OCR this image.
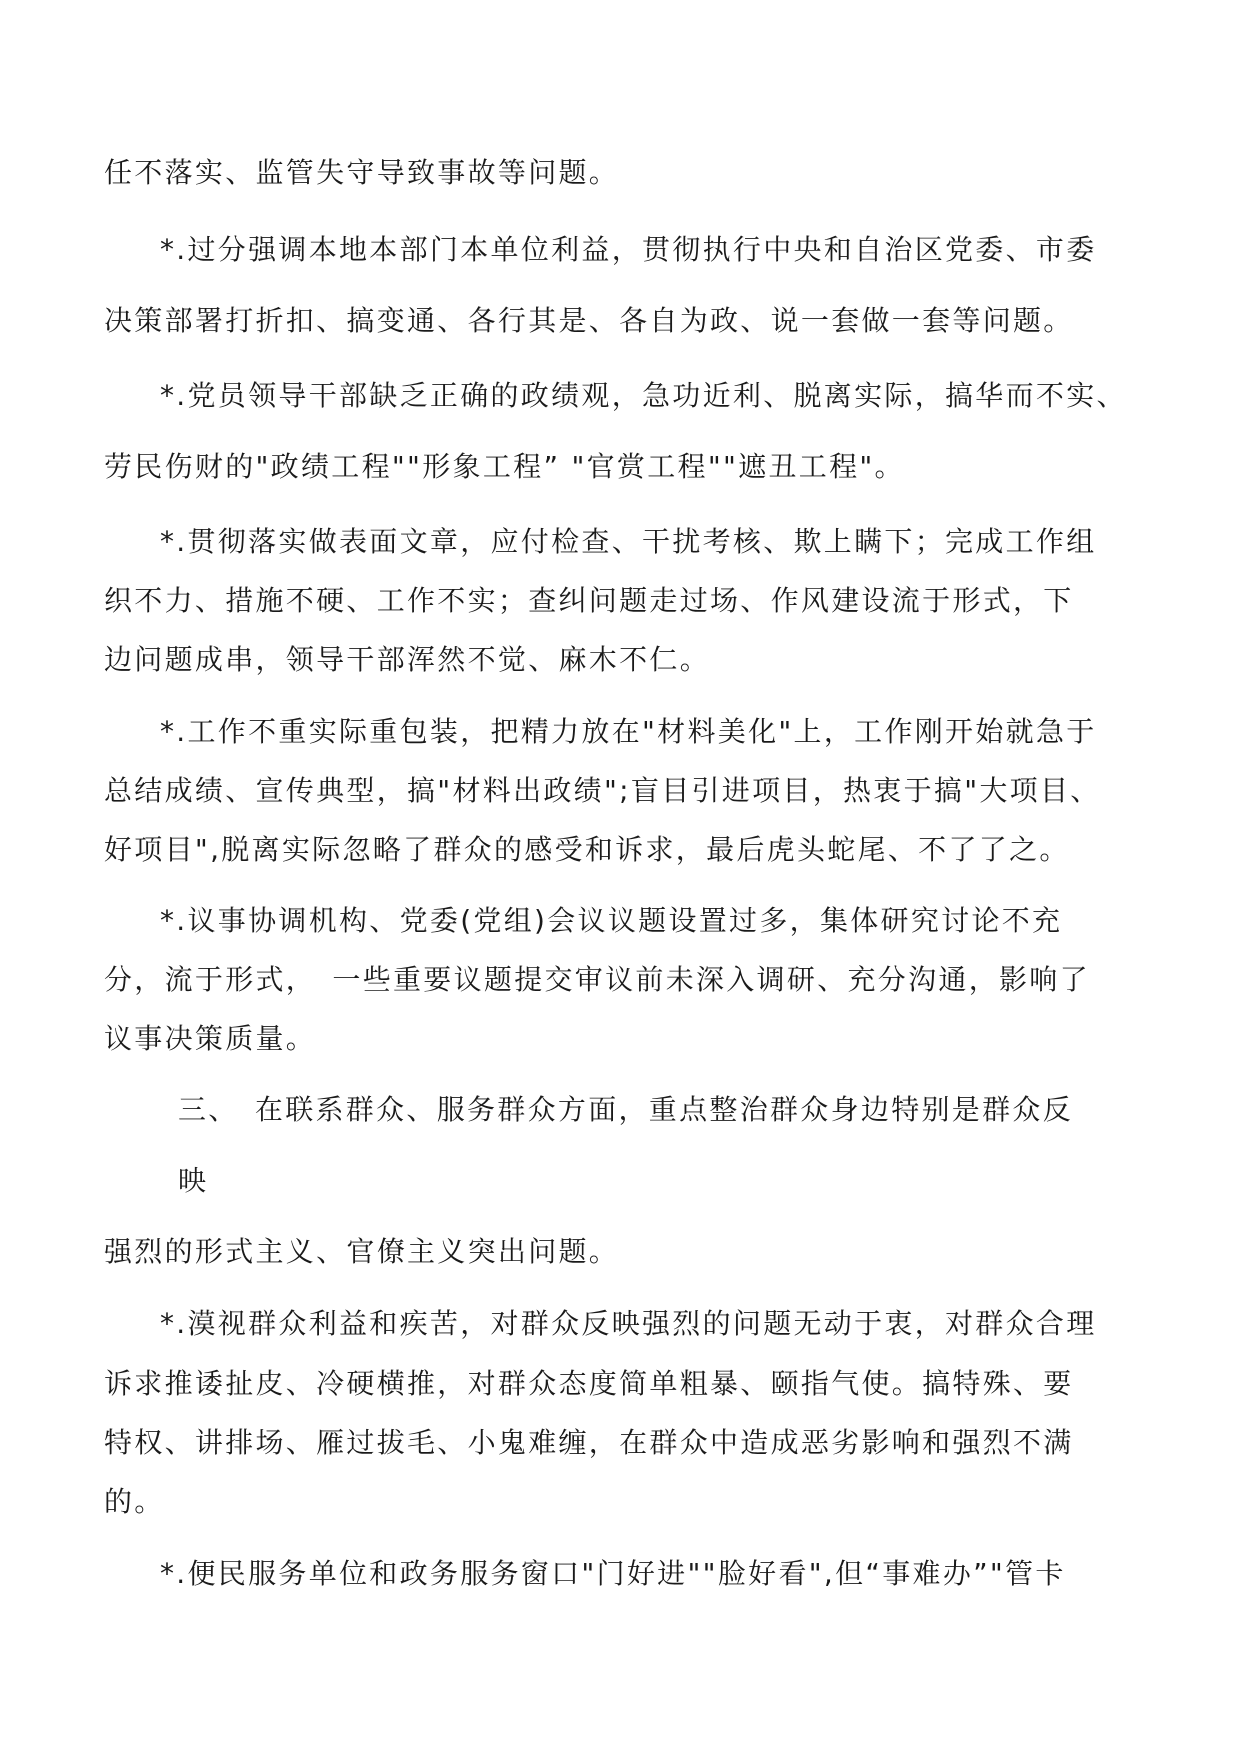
任不落实、监管失守导致事故等问题。
*.过分强调本地本部门本单位利益，贯彻执行中央和自治区党委、市委
决策部署打折扣、搞变通、各行其是、各自为政、说一套做一套等问题。
*.党员领导干部缺乏正确的政绩观，急功近利、脱离实际，搞华而不实、
劳民伤财的"政绩工程""形象工程” "官赏工程""遮丑工程"。
*.贯彻落实做表面文章，应付检查、干扰考核、欺上瞒下；完成工作组
织不力、措施不硬、工作不实；查纠问题走过场、作风建设流于形式，下
边问题成串，领导干部浑然不觉、麻木不仁。
*.工作不重实际重包装，把精力放在"材料美化"上，工作刚开始就急于
总结成绩、宣传典型，搞"材料出政绩";盲目引进项目，热衷于搞"大项目、
好项目",脱离实际忽略了群众的感受和诉求，最后虎头蛇尾、不了了之。
*.议事协调机构、党委(党组)会议议题设置过多，集体研究讨论不充
分，流于形式，　一些重要议题提交审议前未深入调研、充分沟通，影响了
议事决策质量。
三、　在联系群众、服务群众方面，重点整治群众身边特别是群众反
映
强烈的形式主义、官僚主义突出问题。
*.漠视群众利益和疾苦，对群众反映强烈的问题无动于衷，对群众合理
诉求推诿扯皮、冷硬横推，对群众态度简单粗暴、颐指气使。搞特殊、要
特权、讲排场、雁过拔毛、小鬼难缠，在群众中造成恶劣影响和强烈不满
的。
*.便民服务单位和政务服务窗口"门好进""脸好看",但“事难办”"管卡
